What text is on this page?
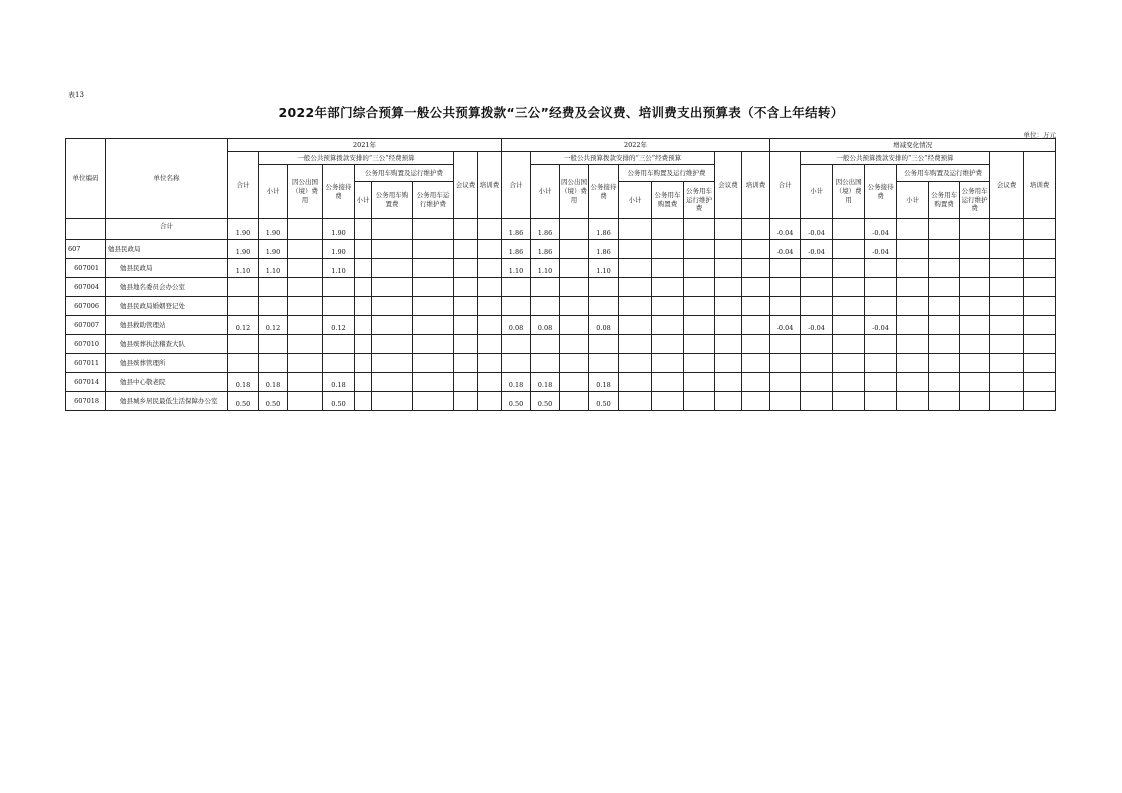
表13
2022年部门综合预算一般公共预算拨款“三公”经费及会议费、培训费支出预算表（不含上年结转）
单位：万元
单位编码	单位名称	2021年									2022年									增减变化情况								
		合计	一般公共预算拨款安排的“三公”经费预算						会议费	培训费	合计	一般公共预算拨款安排的“三公”经费预算						会议费	培训费	合计	一般公共预算拨款安排的“三公”经费预算						会议费	培训费
			小计	因公出国（境）费用	公务接待费	公务用车购置及运行维护费						小计	因公出国（境）费用	公务接待费	公务用车购置及运行维护费						小计	因公出国（境）费用	公务接待费	公务用车购置及运行维护费				
						小计	公务用车购置费	公务用车运行维护费							小计	公务用车购置费	公务用车运行维护费							小计	公务用车购置费	公务用车运行维护费		
	合计	1.90	1.90		1.90						1.86	1.86		1.86						-0.04	-0.04		-0.04					
607	勉县民政局	1.90	1.90		1.90						1.86	1.86		1.86						-0.04	-0.04		-0.04					
607001	勉县民政局	1.10	1.10		1.10						1.10	1.10		1.10														
607004	勉县地名委员会办公室																											
607006	勉县民政局婚姻登记处																											
607007	勉县救助管理站	0.12	0.12		0.12						0.08	0.08		0.08						-0.04	-0.04		-0.04					
607010	勉县殡葬执法稽查大队																											
607011	勉县殡葬管理所																											
607014	勉县中心敬老院	0.18	0.18		0.18						0.18	0.18		0.18														
607018	勉县城乡居民最低生活保障办公室	0.50	0.50		0.50						0.50	0.50		0.50														
